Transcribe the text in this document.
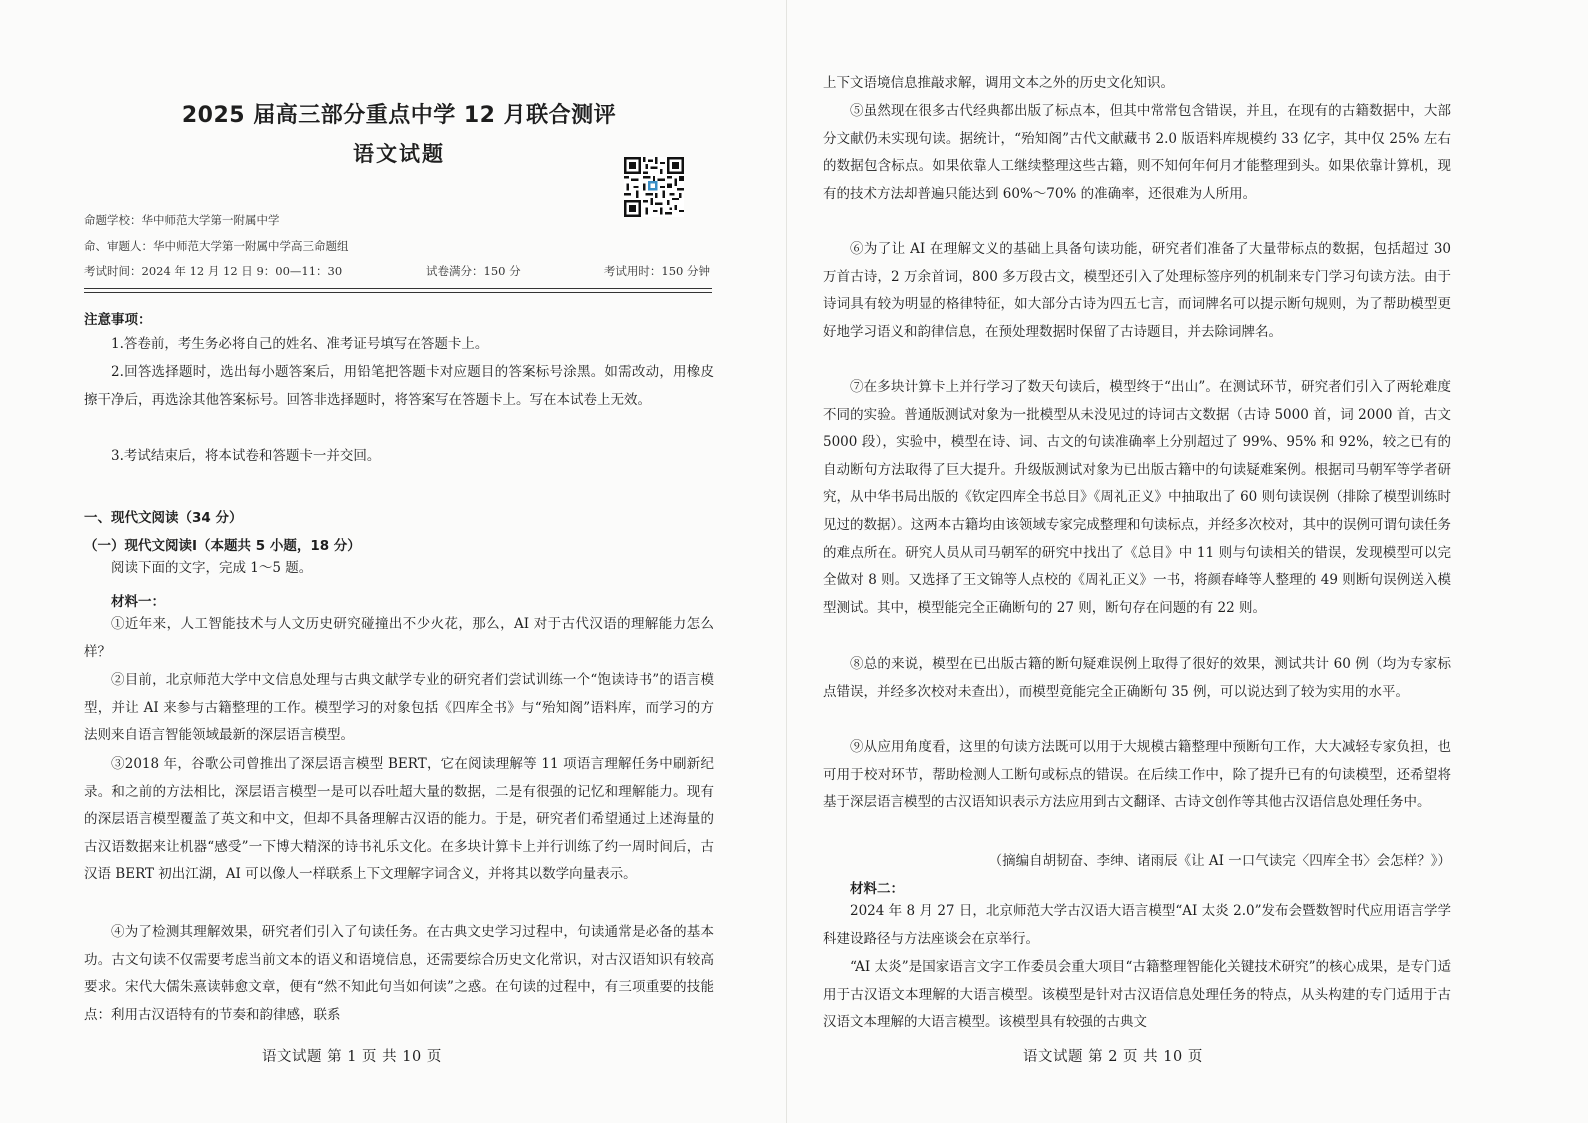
2025 届高三部分重点中学 12 月联合测评
语文试题
命题学校：华中师范大学第一附属中学
命、审题人：华中师范大学第一附属中学高三命题组
考试时间：2024 年 12 月 12 日 9：00—11：30	试卷满分：150 分	考试用时：150 分钟
注意事项：

1.答卷前，考生务必将自己的姓名、准考证号填写在答题卡上。

2.回答选择题时，选出每小题答案后，用铅笔把答题卡对应题目的答案标号涂黑。如需改动，用橡皮擦干净后，再选涂其他答案标号。回答非选择题时，将答案写在答题卡上。写在本试卷上无效。

3.考试结束后，将本试卷和答题卡一并交回。

一、现代文阅读（34 分）
（一）现代文阅读Ⅰ（本题共 5 小题，18 分）

阅读下面的文字，完成 1～5 题。

材料一：

①近年来，人工智能技术与人文历史研究碰撞出不少火花，那么，AI 对于古代汉语的理解能力怎么样？

②目前，北京师范大学中文信息处理与古典文献学专业的研究者们尝试训练一个“饱读诗书”的语言模型，并让 AI 来参与古籍整理的工作。模型学习的对象包括《四库全书》与“殆知阁”语料库，而学习的方法则来自语言智能领域最新的深层语言模型。

③2018 年，谷歌公司曾推出了深层语言模型 BERT，它在阅读理解等 11 项语言理解任务中刷新纪录。和之前的方法相比，深层语言模型一是可以吞吐超大量的数据，二是有很强的记忆和理解能力。现有的深层语言模型覆盖了英文和中文，但却不具备理解古汉语的能力。于是，研究者们希望通过上述海量的古汉语数据来让机器“感受”一下博大精深的诗书礼乐文化。在多块计算卡上并行训练了约一周时间后，古汉语 BERT 初出江湖，AI 可以像人一样联系上下文理解字词含义，并将其以数学向量表示。

④为了检测其理解效果，研究者们引入了句读任务。在古典文史学习过程中，句读通常是必备的基本功。古文句读不仅需要考虑当前文本的语义和语境信息，还需要综合历史文化常识，对古汉语知识有较高要求。宋代大儒朱熹读韩愈文章，便有“然不知此句当如何读”之惑。在句读的过程中，有三项重要的技能点：利用古汉语特有的节奏和韵律感，联系

语文试题 第 1 页 共 10 页

上下文语境信息推敲求解，调用文本之外的历史文化知识。

⑤虽然现在很多古代经典都出版了标点本，但其中常常包含错误，并且，在现有的古籍数据中，大部分文献仍未实现句读。据统计，“殆知阁”古代文献藏书 2.0 版语料库规模约 33 亿字，其中仅 25% 左右的数据包含标点。如果依靠人工继续整理这些古籍，则不知何年何月才能整理到头。如果依靠计算机，现有的技术方法却普遍只能达到 60%～70% 的准确率，还很难为人所用。

⑥为了让 AI 在理解文义的基础上具备句读功能，研究者们准备了大量带标点的数据，包括超过 30 万首古诗，2 万余首词，800 多万段古文，模型还引入了处理标签序列的机制来专门学习句读方法。由于诗词具有较为明显的格律特征，如大部分古诗为四五七言，而词牌名可以提示断句规则，为了帮助模型更好地学习语义和韵律信息，在预处理数据时保留了古诗题目，并去除词牌名。

⑦在多块计算卡上并行学习了数天句读后，模型终于“出山”。在测试环节，研究者们引入了两轮难度不同的实验。普通版测试对象为一批模型从未没见过的诗词古文数据（古诗 5000 首，词 2000 首，古文 5000 段），实验中，模型在诗、词、古文的句读准确率上分别超过了 99%、95% 和 92%，较之已有的自动断句方法取得了巨大提升。升级版测试对象为已出版古籍中的句读疑难案例。根据司马朝军等学者研究，从中华书局出版的《钦定四库全书总目》《周礼正义》中抽取出了 60 则句读误例（排除了模型训练时见过的数据）。这两本古籍均由该领域专家完成整理和句读标点，并经多次校对，其中的误例可谓句读任务的难点所在。研究人员从司马朝军的研究中找出了《总目》中 11 则与句读相关的错误，发现模型可以完全做对 8 则。又选择了王文锦等人点校的《周礼正义》一书，将颜春峰等人整理的 49 则断句误例送入模型测试。其中，模型能完全正确断句的 27 则，断句存在问题的有 22 则。

⑧总的来说，模型在已出版古籍的断句疑难误例上取得了很好的效果，测试共计 60 例（均为专家标点错误，并经多次校对未查出），而模型竟能完全正确断句 35 例，可以说达到了较为实用的水平。

⑨从应用角度看，这里的句读方法既可以用于大规模古籍整理中预断句工作，大大减轻专家负担，也可用于校对环节，帮助检测人工断句或标点的错误。在后续工作中，除了提升已有的句读模型，还希望将基于深层语言模型的古汉语知识表示方法应用到古文翻译、古诗文创作等其他古汉语信息处理任务中。

（摘编自胡韧奋、李绅、诸雨辰《让 AI 一口气读完〈四库全书〉会怎样？》）
材料二：

2024 年 8 月 27 日，北京师范大学古汉语大语言模型“AI 太炎 2.0”发布会暨数智时代应用语言学学科建设路径与方法座谈会在京举行。

“AI 太炎”是国家语言文字工作委员会重大项目“古籍整理智能化关键技术研究”的核心成果，是专门适用于古汉语文本理解的大语言模型。该模型是针对古汉语信息处理任务的特点，从头构建的专门适用于古汉语文本理解的大语言模型。该模型具有较强的古典文

语文试题 第 2 页 共 10 页
